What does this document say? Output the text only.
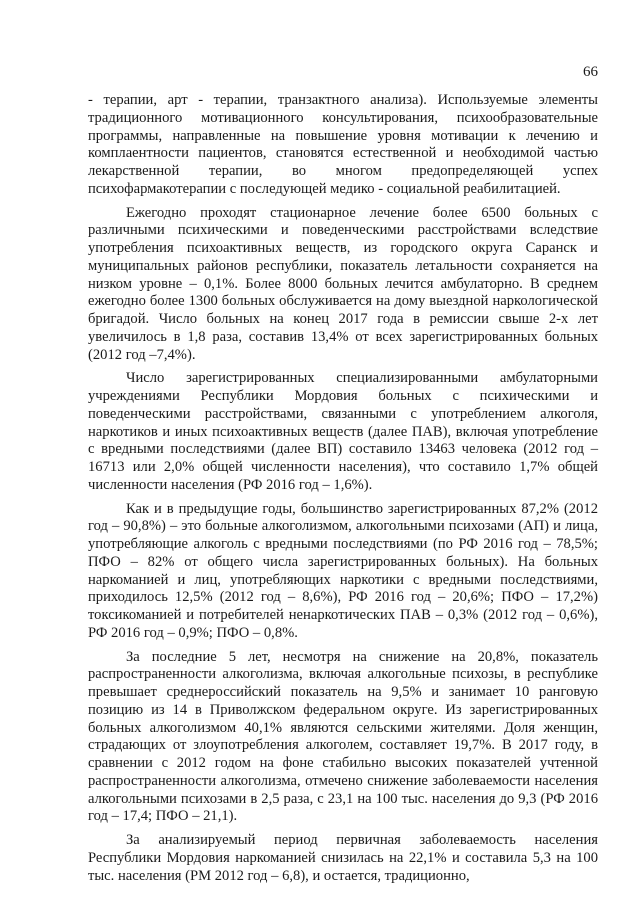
66

- терапии, арт - терапии, транзактного анализа). Используемые элементы традиционного мотивационного консультирования, психообразовательные программы, направленные на повышение уровня мотивации к лечению и комплаентности пациентов, становятся естественной и необходимой частью лекарственной терапии, во многом предопределяющей успех психофармакотерапии с последующей медико - социальной реабилитацией.

Ежегодно проходят стационарное лечение более 6500 больных с различными психическими и поведенческими расстройствами вследствие употребления психоактивных веществ, из городского округа Саранск и муниципальных районов республики, показатель летальности сохраняется на низком уровне – 0,1%. Более 8000 больных лечится амбулаторно. В среднем ежегодно более 1300 больных обслуживается на дому выездной наркологической бригадой. Число больных на конец 2017 года в ремиссии свыше 2-х лет увеличилось в 1,8 раза, составив 13,4% от всех зарегистрированных больных (2012 год –7,4%).

Число зарегистрированных специализированными амбулаторными учреждениями Республики Мордовия больных с психическими и поведенческими расстройствами, связанными с употреблением алкоголя, наркотиков и иных психоактивных веществ (далее ПАВ), включая употребление с вредными последствиями (далее ВП) составило 13463 человека (2012 год – 16713 или 2,0% общей численности населения), что составило 1,7% общей численности населения (РФ 2016 год – 1,6%).

Как и в предыдущие годы, большинство зарегистрированных 87,2% (2012 год – 90,8%) – это больные алкоголизмом, алкогольными психозами (АП) и лица, употребляющие алкоголь с вредными последствиями (по РФ 2016 год – 78,5%; ПФО – 82% от общего числа зарегистрированных больных). На больных наркоманией и лиц, употребляющих наркотики с вредными последствиями, приходилось 12,5% (2012 год – 8,6%), РФ 2016 год – 20,6%; ПФО – 17,2%) токсикоманией и потребителей ненаркотических ПАВ – 0,3% (2012 год – 0,6%), РФ 2016 год – 0,9%; ПФО – 0,8%.

За последние 5 лет, несмотря на снижение на 20,8%, показатель распространенности алкоголизма, включая алкогольные психозы, в республике превышает среднероссийский показатель на 9,5% и занимает 10 ранговую позицию из 14 в Приволжском федеральном округе. Из зарегистрированных больных алкоголизмом 40,1% являются сельскими жителями. Доля женщин, страдающих от злоупотребления алкоголем, составляет 19,7%. В 2017 году, в сравнении с 2012 годом на фоне стабильно высоких показателей учтенной распространенности алкоголизма, отмечено снижение заболеваемости населения алкогольными психозами в 2,5 раза, с 23,1 на 100 тыс. населения до 9,3 (РФ 2016 год – 17,4; ПФО – 21,1).

За анализируемый период первичная заболеваемость населения Республики Мордовия наркоманией снизилась на 22,1% и составила 5,3 на 100 тыс. населения (РМ 2012 год – 6,8), и остается, традиционно,
